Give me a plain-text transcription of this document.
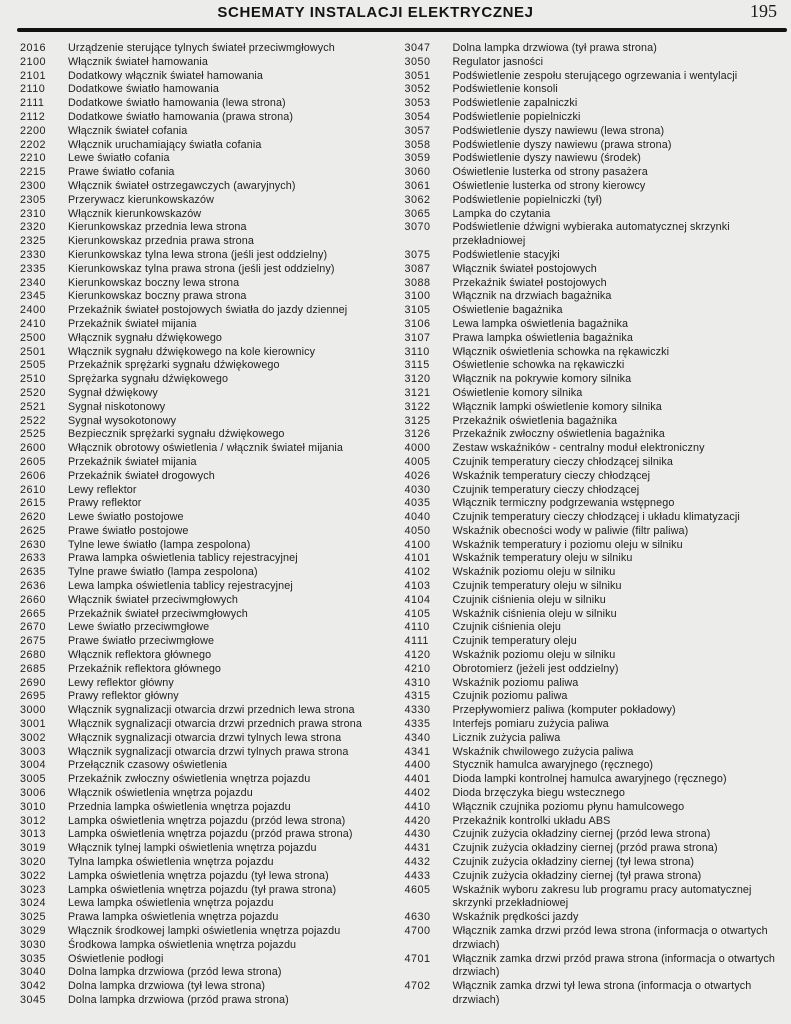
SCHEMATY INSTALACJI ELEKTRYCZNEJ	195
2016	Urządzenie sterujące tylnych świateł przeciwmgłowych
2100	Włącznik świateł hamowania
2101	Dodatkowy włącznik świateł hamowania
2110	Dodatkowe światło hamowania
2111	Dodatkowe światło hamowania (lewa strona)
2112	Dodatkowe światło hamowania (prawa strona)
2200	Włącznik świateł cofania
2202	Włącznik uruchamiający światła cofania
2210	Lewe światło cofania
2215	Prawe światło cofania
2300	Włącznik świateł ostrzegawczych (awaryjnych)
2305	Przerywacz kierunkowskazów
2310	Włącznik kierunkowskazów
2320	Kierunkowskaz przednia lewa strona
2325	Kierunkowskaz przednia prawa strona
2330	Kierunkowskaz tylna lewa strona (jeśli jest oddzielny)
2335	Kierunkowskaz tylna prawa strona (jeśli jest oddzielny)
2340	Kierunkowskaz boczny lewa strona
2345	Kierunkowskaz boczny prawa strona
2400	Przekaźnik świateł postojowych światła do jazdy dziennej
2410	Przekaźnik świateł mijania
2500	Włącznik sygnału dźwiękowego
2501	Włącznik sygnału dźwiękowego na kole kierownicy
2505	Przekaźnik sprężarki sygnału dźwiękowego
2510	Sprężarka sygnału dźwiękowego
2520	Sygnał dźwiękowy
2521	Sygnał niskotonowy
2522	Sygnał wysokotonowy
2525	Bezpiecznik sprężarki sygnału dźwiękowego
2600	Włącznik obrotowy oświetlenia / włącznik świateł mijania
2605	Przekaźnik świateł mijania
2606	Przekaźnik świateł drogowych
2610	Lewy reflektor
2615	Prawy reflektor
2620	Lewe światło postojowe
2625	Prawe światło postojowe
2630	Tylne lewe światło (lampa zespolona)
2633	Prawa lampka oświetlenia tablicy rejestracyjnej
2635	Tylne prawe światło (lampa zespolona)
2636	Lewa lampka oświetlenia tablicy rejestracyjnej
2660	Włącznik świateł przeciwmgłowych
2665	Przekaźnik świateł przeciwmgłowych
2670	Lewe światło przeciwmgłowe
2675	Prawe światło przeciwmgłowe
2680	Włącznik reflektora głównego
2685	Przekaźnik reflektora głównego
2690	Lewy reflektor główny
2695	Prawy reflektor główny
3000	Włącznik sygnalizacji otwarcia drzwi przednich lewa strona
3001	Włącznik sygnalizacji otwarcia drzwi przednich prawa strona
3002	Włącznik sygnalizacji otwarcia drzwi tylnych lewa strona
3003	Włącznik sygnalizacji otwarcia drzwi tylnych prawa strona
3004	Przełącznik czasowy oświetlenia
3005	Przekaźnik zwłoczny oświetlenia wnętrza pojazdu
3006	Włącznik oświetlenia wnętrza pojazdu
3010	Przednia lampka oświetlenia wnętrza pojazdu
3012	Lampka oświetlenia wnętrza pojazdu (przód lewa strona)
3013	Lampka oświetlenia wnętrza pojazdu (przód prawa strona)
3019	Włącznik tylnej lampki oświetlenia wnętrza pojazdu
3020	Tylna lampka oświetlenia wnętrza pojazdu
3022	Lampka oświetlenia wnętrza pojazdu (tył lewa strona)
3023	Lampka oświetlenia wnętrza pojazdu (tył prawa strona)
3024	Lewa lampka oświetlenia wnętrza pojazdu
3025	Prawa lampka oświetlenia wnętrza pojazdu
3029	Włącznik środkowej lampki oświetlenia wnętrza pojazdu
3030	Środkowa lampka oświetlenia wnętrza pojazdu
3035	Oświetlenie podłogi
3040	Dolna lampka drzwiowa (przód lewa strona)
3042	Dolna lampka drzwiowa (tył lewa strona)
3045	Dolna lampka drzwiowa (przód prawa strona)
3047	Dolna lampka drzwiowa (tył prawa strona)
3050	Regulator jasności
3051	Podświetlenie zespołu sterującego ogrzewania i wentylacji
3052	Podświetlenie konsoli
3053	Podświetlenie zapalniczki
3054	Podświetlenie popielniczki
3057	Podświetlenie dyszy nawiewu (lewa strona)
3058	Podświetlenie dyszy nawiewu (prawa strona)
3059	Podświetlenie dyszy nawiewu (środek)
3060	Oświetlenie lusterka od strony pasażera
3061	Oświetlenie lusterka od strony kierowcy
3062	Podświetlenie popielniczki (tył)
3065	Lampka do czytania
3070	Podświetlenie dźwigni wybieraka automatycznej skrzynki przekładniowej
3075	Podświetlenie stacyjki
3087	Włącznik świateł postojowych
3088	Przekaźnik świateł postojowych
3100	Włącznik na drzwiach bagażnika
3105	Oświetlenie bagażnika
3106	Lewa lampka oświetlenia bagażnika
3107	Prawa lampka oświetlenia bagażnika
3110	Włącznik oświetlenia schowka na rękawiczki
3115	Oświetlenie schowka na rękawiczki
3120	Włącznik na pokrywie komory silnika
3121	Oświetlenie komory silnika
3122	Włącznik lampki oświetlenie komory silnika
3125	Przekaźnik oświetlenia bagażnika
3126	Przekaźnik zwłoczny oświetlenia bagażnika
4000	Zestaw wskaźników - centralny moduł elektroniczny
4005	Czujnik temperatury cieczy chłodzącej silnika
4026	Wskaźnik temperatury cieczy chłodzącej
4030	Czujnik temperatury cieczy chłodzącej
4035	Włącznik termiczny podgrzewania wstępnego
4040	Czujnik temperatury cieczy chłodzącej i układu klimatyzacji
4050	Wskaźnik obecności wody w paliwie (filtr paliwa)
4100	Wskaźnik temperatury i poziomu oleju w silniku
4101	Wskaźnik temperatury oleju w silniku
4102	Wskaźnik poziomu oleju w silniku
4103	Czujnik temperatury oleju w silniku
4104	Czujnik ciśnienia oleju w silniku
4105	Wskaźnik ciśnienia oleju w silniku
4110	Czujnik ciśnienia oleju
4111	Czujnik temperatury oleju
4120	Wskaźnik poziomu oleju w silniku
4210	Obrotomierz (jeżeli jest oddzielny)
4310	Wskaźnik poziomu paliwa
4315	Czujnik poziomu paliwa
4330	Przepływomierz paliwa (komputer pokładowy)
4335	Interfejs pomiaru zużycia paliwa
4340	Licznik zużycia paliwa
4341	Wskaźnik chwilowego zużycia paliwa
4400	Stycznik hamulca awaryjnego (ręcznego)
4401	Dioda lampki kontrolnej hamulca awaryjnego (ręcznego)
4402	Dioda brzęczyka biegu wstecznego
4410	Włącznik czujnika poziomu płynu hamulcowego
4420	Przekaźnik kontrolki układu ABS
4430	Czujnik zużycia okładziny ciernej (przód lewa strona)
4431	Czujnik zużycia okładziny ciernej (przód prawa strona)
4432	Czujnik zużycia okładziny ciernej (tył lewa strona)
4433	Czujnik zużycia okładziny ciernej (tył prawa strona)
4605	Wskaźnik wyboru zakresu lub programu pracy automatycznej skrzynki przekładniowej
4630	Wskaźnik prędkości jazdy
4700	Włącznik zamka drzwi przód lewa strona (informacja o otwartych drzwiach)
4701	Włącznik zamka drzwi przód prawa strona (informacja o otwartych drzwiach)
4702	Włącznik zamka drzwi tył lewa strona (informacja o otwartych drzwiach)
